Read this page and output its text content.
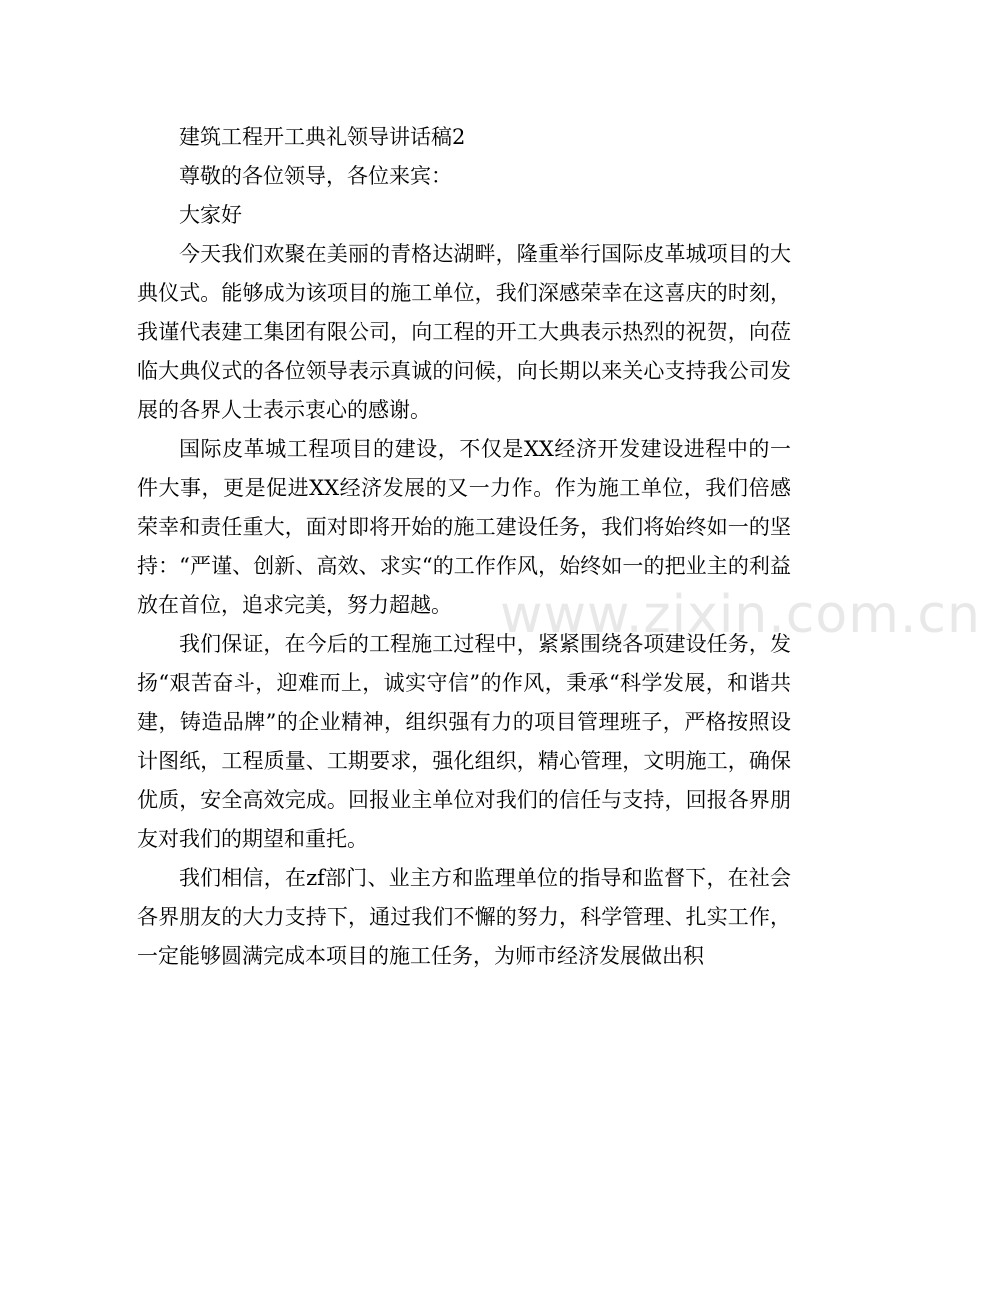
建筑工程开工典礼领导讲话稿2

尊敬的各位领导，各位来宾：

大家好

今天我们欢聚在美丽的青格达湖畔，隆重举行国际皮革城项目的大典仪式。能够成为该项目的施工单位，我们深感荣幸在这喜庆的时刻，我谨代表建工集团有限公司，向工程的开工大典表示热烈的祝贺，向莅临大典仪式的各位领导表示真诚的问候，向长期以来关心支持我公司发展的各界人士表示衷心的感谢。

国际皮革城工程项目的建设，不仅是XX经济开发建设进程中的一件大事，更是促进XX经济发展的又一力作。作为施工单位，我们倍感荣幸和责任重大，面对即将开始的施工建设任务，我们将始终如一的坚持：“严谨、创新、高效、求实“的工作作风，始终如一的把业主的利益放在首位，追求完美，努力超越。

我们保证，在今后的工程施工过程中，紧紧围绕各项建设任务，发扬“艰苦奋斗，迎难而上，诚实守信”的作风，秉承“科学发展，和谐共建，铸造品牌”的企业精神，组织强有力的项目管理班子，严格按照设计图纸，工程质量、工期要求，强化组织，精心管理，文明施工，确保优质，安全高效完成。回报业主单位对我们的信任与支持，回报各界朋友对我们的期望和重托。

我们相信，在zf部门、业主方和监理单位的指导和监督下，在社会各界朋友的大力支持下，通过我们不懈的努力，科学管理、扎实工作，一定能够圆满完成本项目的施工任务，为师市经济发展做出积

www.zixin.com.cn
